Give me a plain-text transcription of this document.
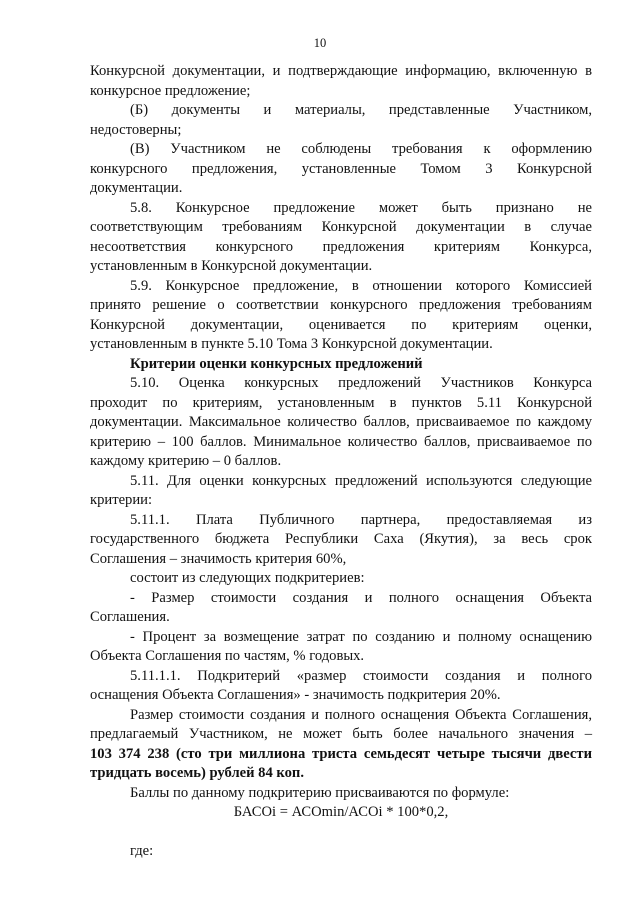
10
Конкурсной документации, и подтверждающие информацию, включенную в
конкурсное предложение;
(Б) документы и материалы, представленные Участником,
недостоверны;
(В) Участником не соблюдены требования к оформлению
конкурсного предложения, установленные Томом 3 Конкурсной
документации.
5.8. Конкурсное предложение может быть признано не
соответствующим требованиям Конкурсной документации в случае
несоответствия конкурсного предложения критериям Конкурса,
установленным в Конкурсной документации.
5.9. Конкурсное предложение, в отношении которого Комиссией
принято решение о соответствии конкурсного предложения требованиям
Конкурсной документации, оценивается по критериям оценки,
установленным в пункте 5.10 Тома 3 Конкурсной документации.
Критерии оценки конкурсных предложений
5.10. Оценка конкурсных предложений Участников Конкурса
проходит по критериям, установленным в пунктов 5.11 Конкурсной
документации. Максимальное количество баллов, присваиваемое по каждому
критерию – 100 баллов. Минимальное количество баллов, присваиваемое по
каждому критерию – 0 баллов.
5.11. Для оценки конкурсных предложений используются следующие
критерии:
5.11.1. Плата Публичного партнера, предоставляемая из
государственного бюджета Республики Саха (Якутия), за весь срок
Соглашения – значимость критерия 60%,
состоит из следующих подкритериев:
- Размер стоимости создания и полного оснащения Объекта
Соглашения.
- Процент за возмещение затрат по созданию и полному оснащению
Объекта Соглашения по частям, % годовых.
5.11.1.1. Подкритерий «размер стоимости создания и полного
оснащения Объекта Соглашения» - значимость подкритерия 20%.
Размер стоимости создания и полного оснащения Объекта Соглашения,
предлагаемый Участником, не может быть более начального значения –
103 374 238 (сто три миллиона триста семьдесят четыре тысячи двести
тридцать восемь) рублей 84 коп.
Баллы по данному подкритерию присваиваются по формуле:
БАСОi = АСОmin/АСОi * 100*0,2,
где:
